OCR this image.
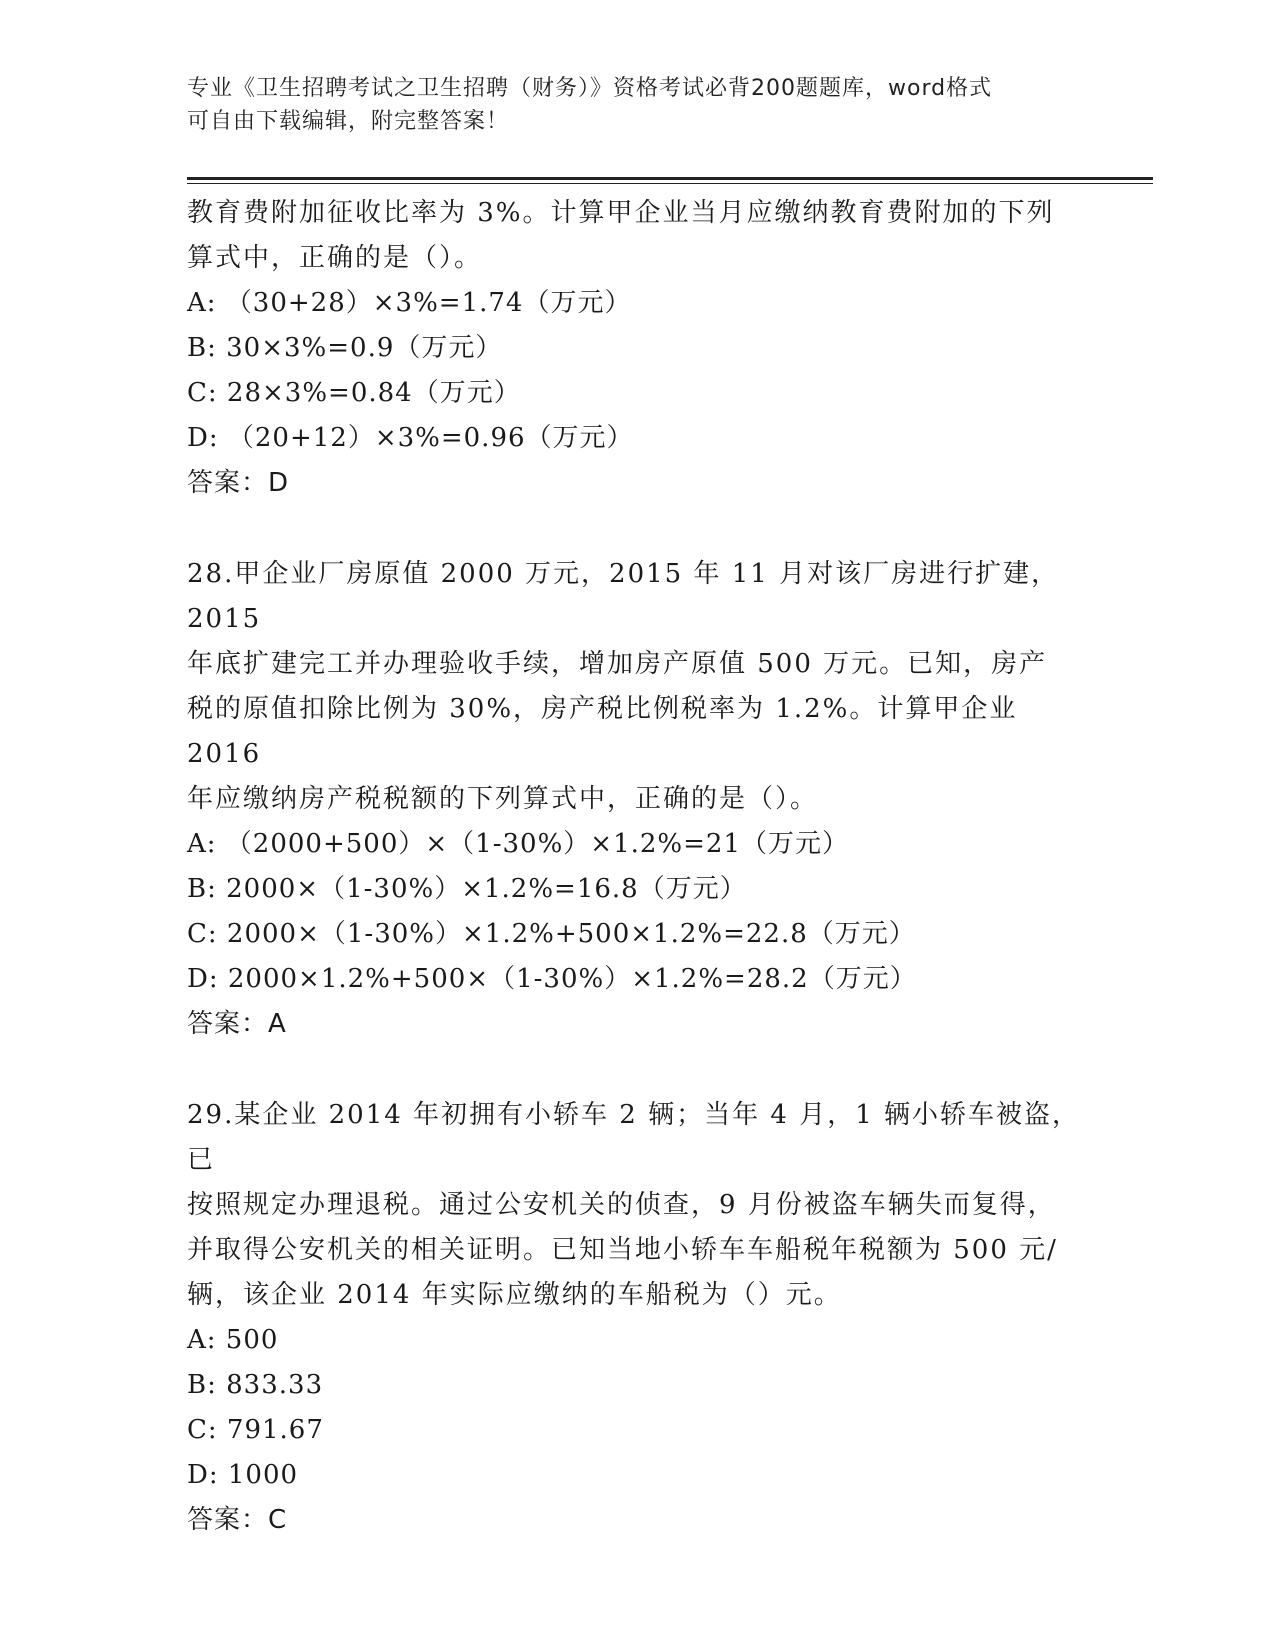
专业《卫生招聘考试之卫生招聘（财务）》资格考试必背200题题库，word格式
可自由下载编辑，附完整答案！

教育费附加征收比率为 3%。计算甲企业当月应缴纳教育费附加的下列

算式中，正确的是（）。

A: （30+28）×3%=1.74（万元）

B: 30×3%=0.9（万元）

C: 28×3%=0.84（万元）

D: （20+12）×3%=0.96（万元）

答案：D

28.甲企业厂房原值 2000 万元，2015 年 11 月对该厂房进行扩建，2015

年底扩建完工并办理验收手续，增加房产原值 500 万元。已知，房产

税的原值扣除比例为 30%，房产税比例税率为 1.2%。计算甲企业 2016

年应缴纳房产税税额的下列算式中，正确的是（）。

A: （2000+500）×（1-30%）×1.2%=21（万元）

B: 2000×（1-30%）×1.2%=16.8（万元）

C: 2000×（1-30%）×1.2%+500×1.2%=22.8（万元）

D: 2000×1.2%+500×（1-30%）×1.2%=28.2（万元）

答案：A

29.某企业 2014 年初拥有小轿车 2 辆；当年 4 月，1 辆小轿车被盗，已

按照规定办理退税。通过公安机关的侦查，9 月份被盗车辆失而复得，

并取得公安机关的相关证明。已知当地小轿车车船税年税额为 500 元/

辆，该企业 2014 年实际应缴纳的车船税为（）元。

A: 500

B: 833.33

C: 791.67

D: 1000

答案：C
